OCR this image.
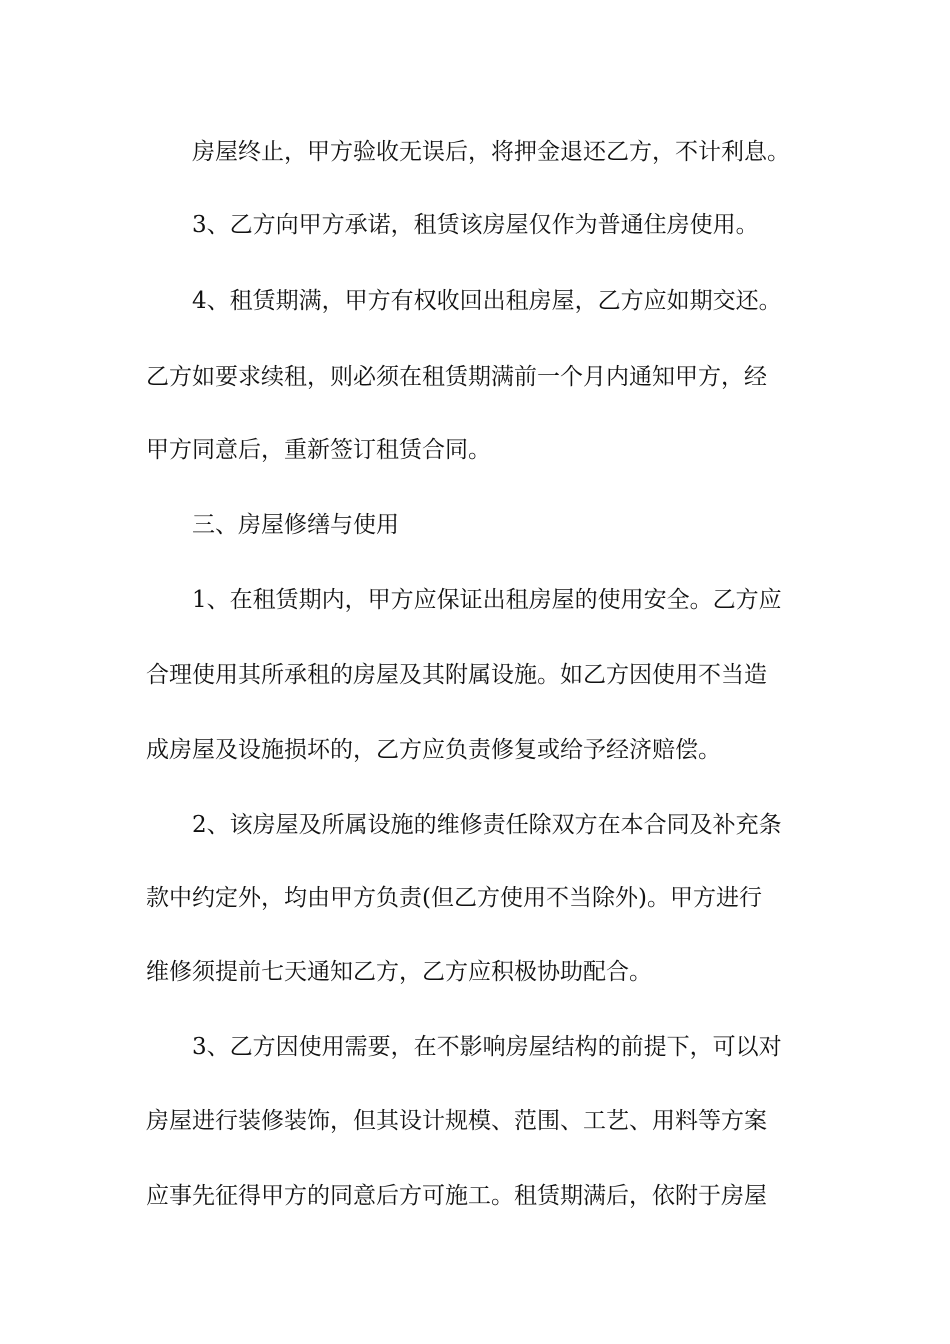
房屋终止，甲方验收无误后，将押金退还乙方，不计利息。
3、乙方向甲方承诺，租赁该房屋仅作为普通住房使用。
4、租赁期满，甲方有权收回出租房屋，乙方应如期交还。
乙方如要求续租，则必须在租赁期满前一个月内通知甲方，经
甲方同意后，重新签订租赁合同。
三、房屋修缮与使用
1、在租赁期内，甲方应保证出租房屋的使用安全。乙方应
合理使用其所承租的房屋及其附属设施。如乙方因使用不当造
成房屋及设施损坏的，乙方应负责修复或给予经济赔偿。
2、该房屋及所属设施的维修责任除双方在本合同及补充条
款中约定外，均由甲方负责(但乙方使用不当除外)。甲方进行
维修须提前七天通知乙方，乙方应积极协助配合。
3、乙方因使用需要，在不影响房屋结构的前提下，可以对
房屋进行装修装饰，但其设计规模、范围、工艺、用料等方案
应事先征得甲方的同意后方可施工。租赁期满后，依附于房屋
